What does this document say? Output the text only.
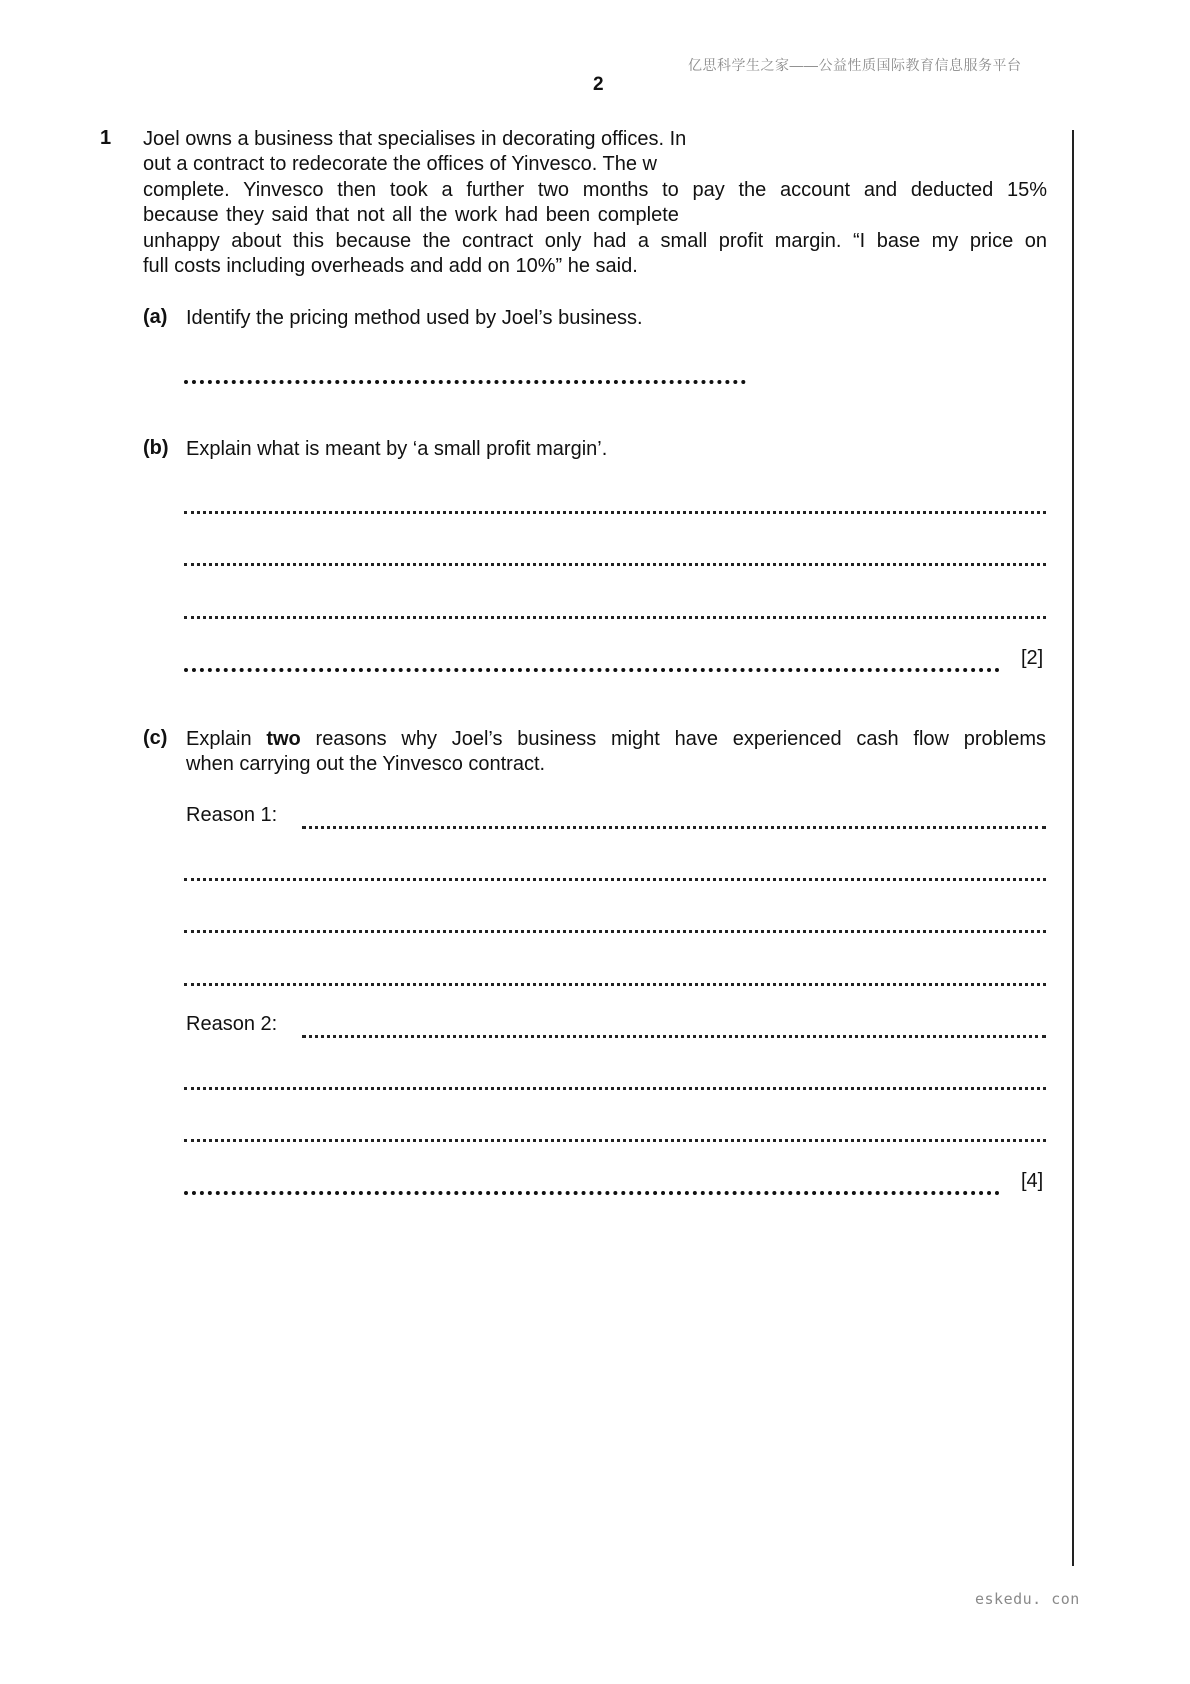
亿思科学生之家——公益性质国际教育信息服务平台
2
1 Joel owns a business that specialises in decorating offices. In
out a contract to redecorate the offices of Yinvesco. The w
complete. Yinvesco then took a further two months to pay the account and deducted 15%
because they said that not all the work had been complete
unhappy about this because the contract only had a small profit margin. “I base my price on
full costs including overheads and add on 10%” he said.
(a) Identify the pricing method used by Joel’s business.
(b) Explain what is meant by ‘a small profit margin’.
[2]
(c) Explain two reasons why Joel’s business might have experienced cash flow problems
when carrying out the Yinvesco contract.
Reason 1:
Reason 2:
[4]
eskedu. con
